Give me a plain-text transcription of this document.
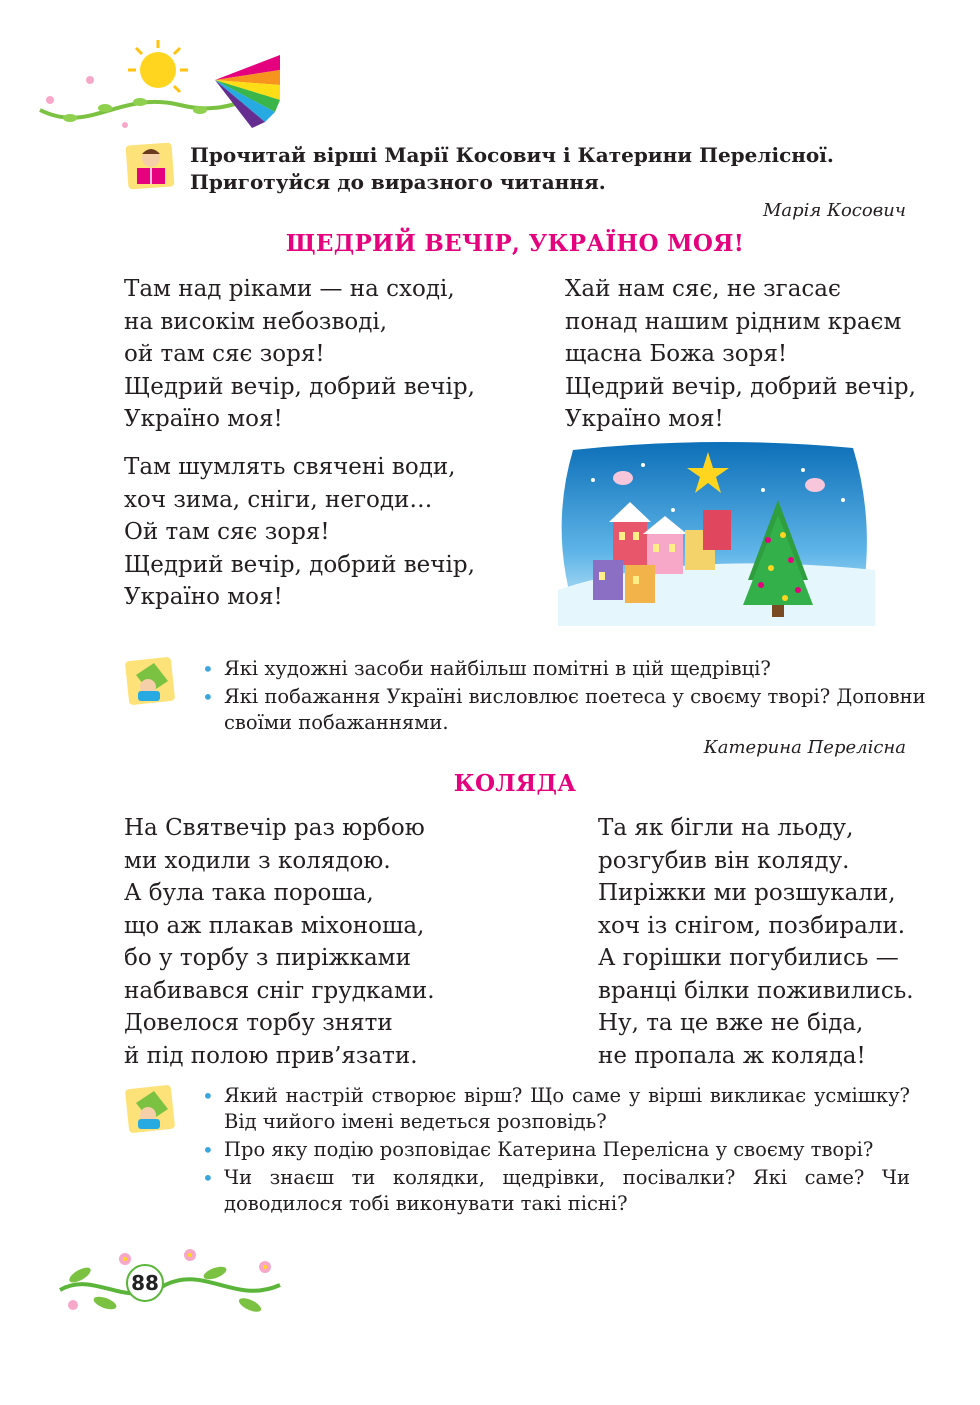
Прочитай вірші Марії Косович і Катерини Перелісної.
Приготуйся до виразного читання.
Марія Косович
ЩЕДРИЙ ВЕЧІР, УКРАЇНО МОЯ!
Там над ріками — на сході,
на високім небозводі,
ой там сяє зоря!
Щедрий вечір, добрий вечір,
Україно моя!
Хай нам сяє, не згасає
понад нашим рідним краєм
щасна Божа зоря!
Щедрий вечір, добрий вечір,
Україно моя!
Там шумлять свячені води,
хоч зима, сніги, негоди…
Ой там сяє зоря!
Щедрий вечір, добрий вечір,
Україно моя!
• Які художні засоби найбільш помітні в цій щедрівці?
• Які побажання Україні висловлює поетеса у своєму творі? Доповни своїми побажаннями.
Катерина Перелісна
КОЛЯДА
На Святвечір раз юрбою
ми ходили з колядою.
А була така пороша,
що аж плакав міхоноша,
бо у торбу з пиріжками
набивався сніг грудками.
Довелося торбу зняти
й під полою прив’язати.
Та як бігли на льоду,
розгубив він коляду.
Пиріжки ми розшукали,
хоч із снігом, позбирали.
А горішки погубились —
вранці білки поживились.
Ну, та це вже не біда,
не пропала ж коляда!
• Який настрій створює вірш? Що саме у вірші викликає усмішку? Від чийого імені ведеться розповідь?
• Про яку подію розповідає Катерина Перелісна у своєму творі?
• Чи знаєш ти колядки, щедрівки, посівалки? Які саме? Чи доводилося тобі виконувати такі пісні?
88
